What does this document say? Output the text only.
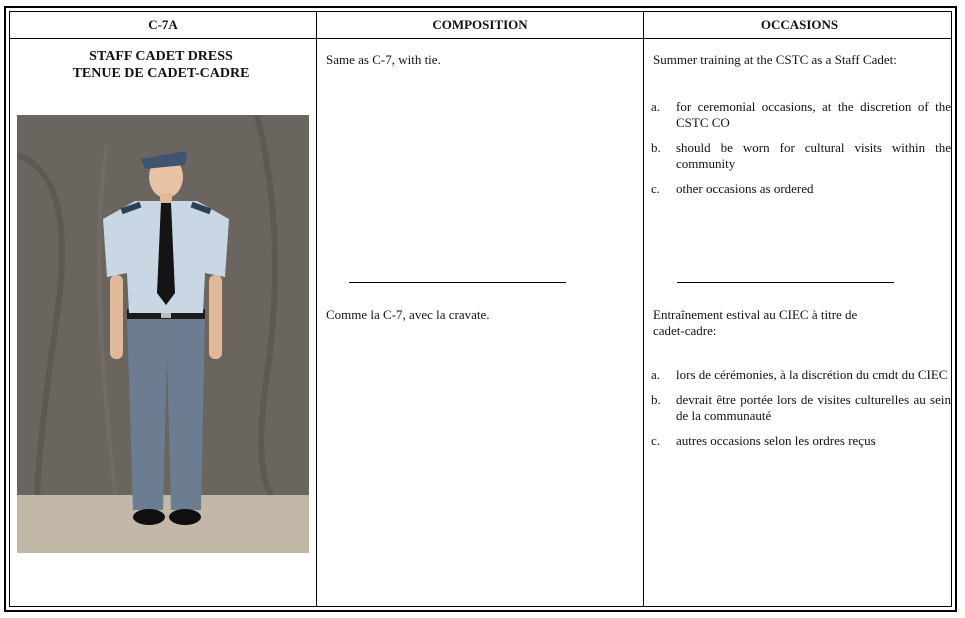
C-7A	COMPOSITION	OCCASIONS
STAFF CADET DRESS
TENUE DE CADET-CADRE
Same as C-7, with tie.
Comme la C-7, avec la cravate.
Summer training at the CSTC as a Staff Cadet:
a. for ceremonial occasions, at the discretion of the CSTC CO
b. should be worn for cultural visits within the community
c. other occasions as ordered
Entraînement estival au CIEC à titre de cadet-cadre:
a. lors de cérémonies, à la discrétion du cmdt du CIEC
b. devrait être portée lors de visites culturelles au sein de la communauté
c. autres occasions selon les ordres reçus
